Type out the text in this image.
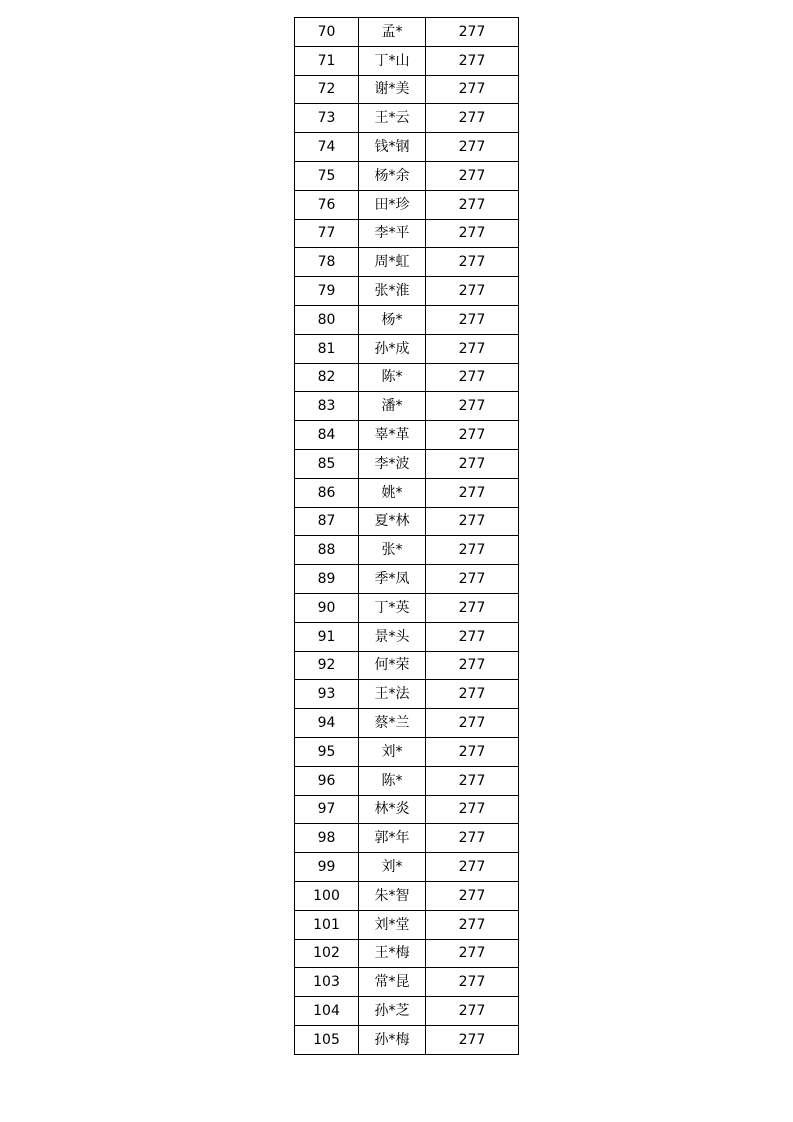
70	孟*	277
71	丁*山	277
72	谢*美	277
73	王*云	277
74	钱*钢	277
75	杨*余	277
76	田*珍	277
77	李*平	277
78	周*虹	277
79	张*淮	277
80	杨*	277
81	孙*成	277
82	陈*	277
83	潘*	277
84	辜*革	277
85	李*波	277
86	姚*	277
87	夏*林	277
88	张*	277
89	季*凤	277
90	丁*英	277
91	景*头	277
92	何*荣	277
93	王*法	277
94	蔡*兰	277
95	刘*	277
96	陈*	277
97	林*炎	277
98	郭*年	277
99	刘*	277
100	朱*智	277
101	刘*堂	277
102	王*梅	277
103	常*昆	277
104	孙*芝	277
105	孙*梅	277
